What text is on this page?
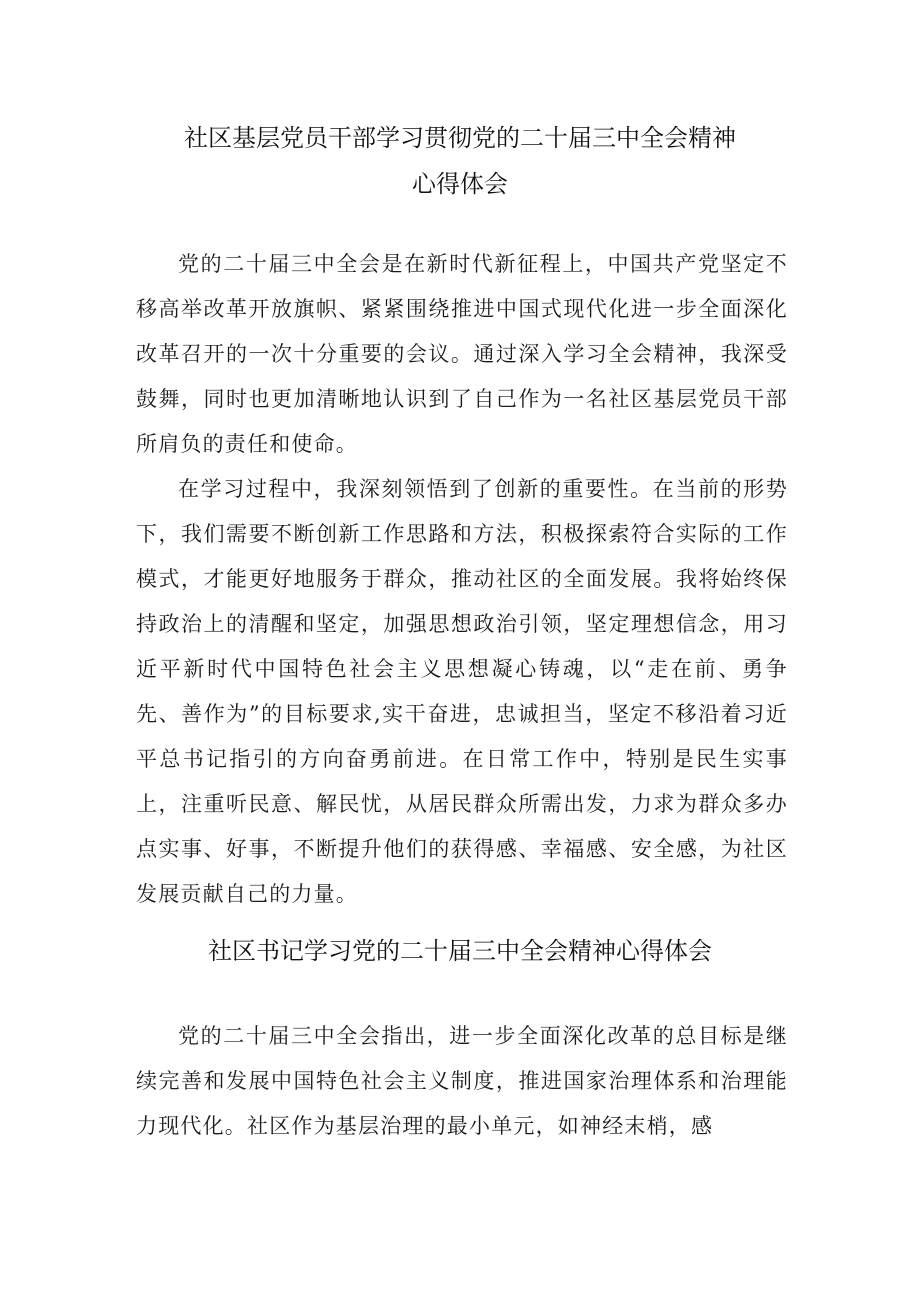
社区基层党员干部学习贯彻党的二十届三中全会精神
心得体会

党的二十届三中全会是在新时代新征程上，中国共产党坚定不移高举改革开放旗帜、紧紧围绕推进中国式现代化进一步全面深化改革召开的一次十分重要的会议。通过深入学习全会精神，我深受鼓舞，同时也更加清晰地认识到了自己作为一名社区基层党员干部所肩负的责任和使命。

在学习过程中，我深刻领悟到了创新的重要性。在当前的形势下，我们需要不断创新工作思路和方法，积极探索符合实际的工作模式，才能更好地服务于群众，推动社区的全面发展。我将始终保持政治上的清醒和坚定，加强思想政治引领，坚定理想信念，用习近平新时代中国特色社会主义思想凝心铸魂，以“走在前、勇争先、善作为”的目标要求,实干奋进，忠诚担当，坚定不移沿着习近平总书记指引的方向奋勇前进。在日常工作中，特别是民生实事上，注重听民意、解民忧，从居民群众所需出发，力求为群众多办点实事、好事，不断提升他们的获得感、幸福感、安全感，为社区发展贡献自己的力量。

社区书记学习党的二十届三中全会精神心得体会

党的二十届三中全会指出，进一步全面深化改革的总目标是继续完善和发展中国特色社会主义制度，推进国家治理体系和治理能力现代化。社区作为基层治理的最小单元，如神经末梢，感
